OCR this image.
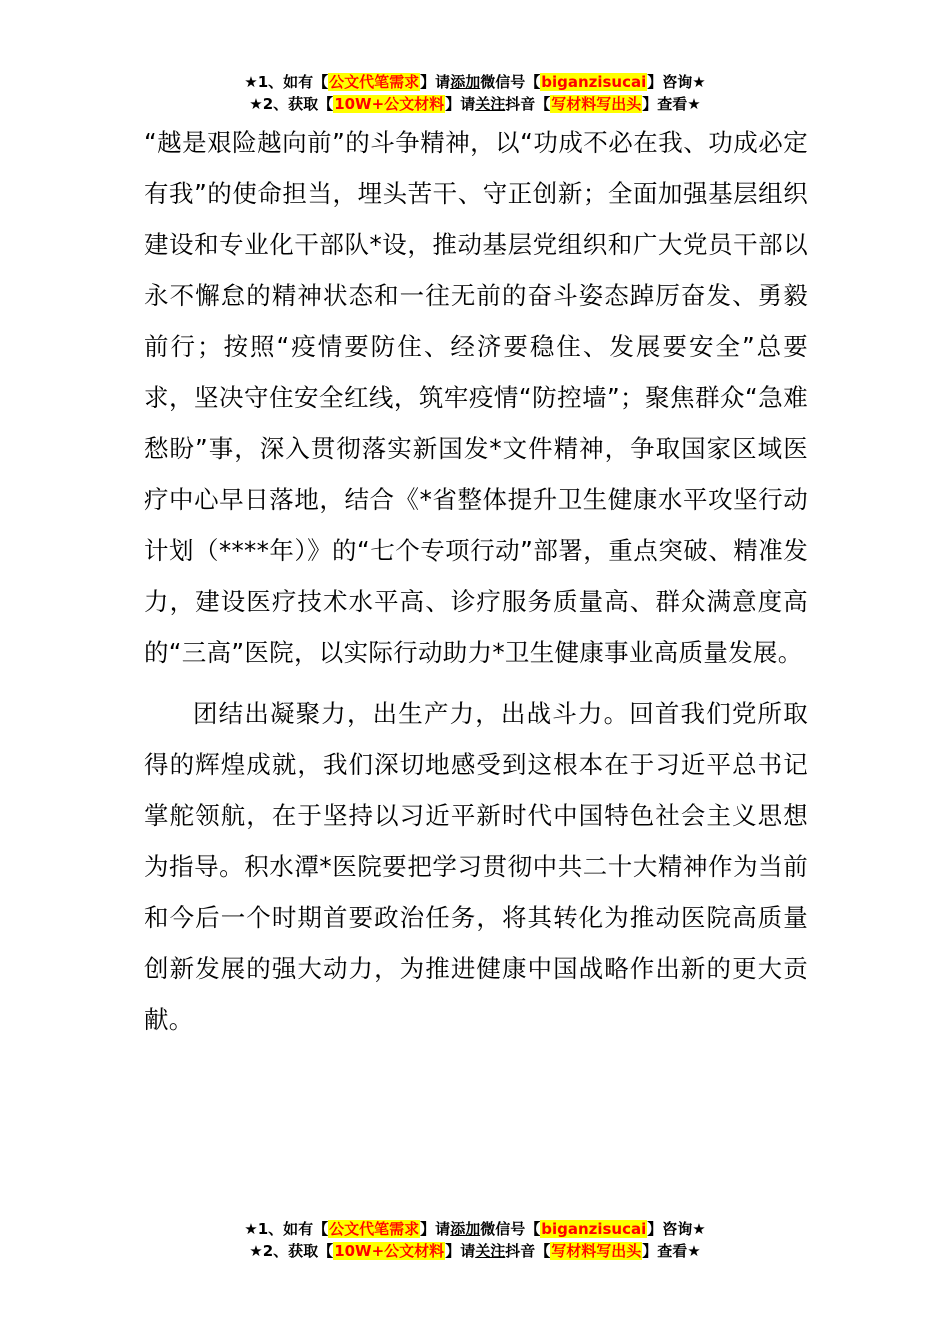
★1、如有【公文代笔需求】请添加微信号【biganzisucai】咨询★
★2、获取【10W+公文材料】请关注抖音【写材料写出头】查看★

“越是艰险越向前”的斗争精神，以“功成不必在我、功成必定有我”的使命担当，埋头苦干、守正创新；全面加强基层组织建设和专业化干部队*设，推动基层党组织和广大党员干部以永不懈怠的精神状态和一往无前的奋斗姿态踔厉奋发、勇毅前行；按照“疫情要防住、经济要稳住、发展要安全”总要求，坚决守住安全红线，筑牢疫情“防控墙”；聚焦群众“急难愁盼”事，深入贯彻落实新国发*文件精神，争取国家区域医疗中心早日落地，结合《*省整体提升卫生健康水平攻坚行动计划（****年）》的“七个专项行动”部署，重点突破、精准发力，建设医疗技术水平高、诊疗服务质量高、群众满意度高的“三高”医院，以实际行动助力*卫生健康事业高质量发展。

团结出凝聚力，出生产力，出战斗力。回首我们党所取得的辉煌成就，我们深切地感受到这根本在于习近平总书记掌舵领航，在于坚持以习近平新时代中国特色社会主义思想为指导。积水潭*医院要把学习贯彻中共二十大精神作为当前和今后一个时期首要政治任务，将其转化为推动医院高质量创新发展的强大动力，为推进健康中国战略作出新的更大贡献。

★1、如有【公文代笔需求】请添加微信号【biganzisucai】咨询★
★2、获取【10W+公文材料】请关注抖音【写材料写出头】查看★
